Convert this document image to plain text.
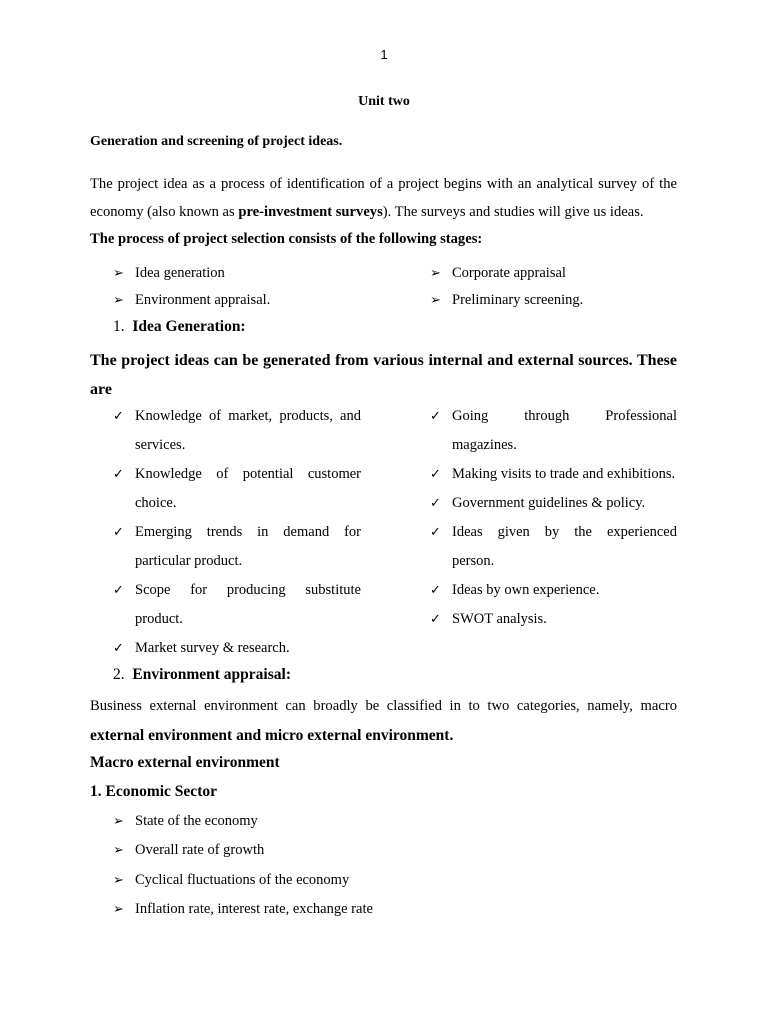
1
Unit two
Generation and screening of project ideas.
The project idea as a process of identification of a project begins with an analytical survey of the economy (also known as pre-investment surveys). The surveys and studies will give us ideas.
The process of project selection consists of the following stages:
➢ Idea generation	➢ Corporate appraisal
➢ Environment appraisal.	➢ Preliminary screening.
1. Idea Generation:
The project ideas can be generated from various internal and external sources. These are
✓ Knowledge of market, products, and services.
✓ Knowledge of potential customer choice.
✓ Emerging trends in demand for particular product.
✓ Scope for producing substitute product.
✓ Market survey & research.
✓ Going through Professional magazines.
✓ Making visits to trade and exhibitions.
✓ Government guidelines & policy.
✓ Ideas given by the experienced person.
✓ Ideas by own experience.
✓ SWOT analysis.
2. Environment appraisal:
Business external environment can broadly be classified in to two categories, namely, macro external environment and micro external environment.
Macro external environment
1. Economic Sector
➢ State of the economy
➢ Overall rate of growth
➢ Cyclical fluctuations of the economy
➢ Inflation rate, interest rate, exchange rate
